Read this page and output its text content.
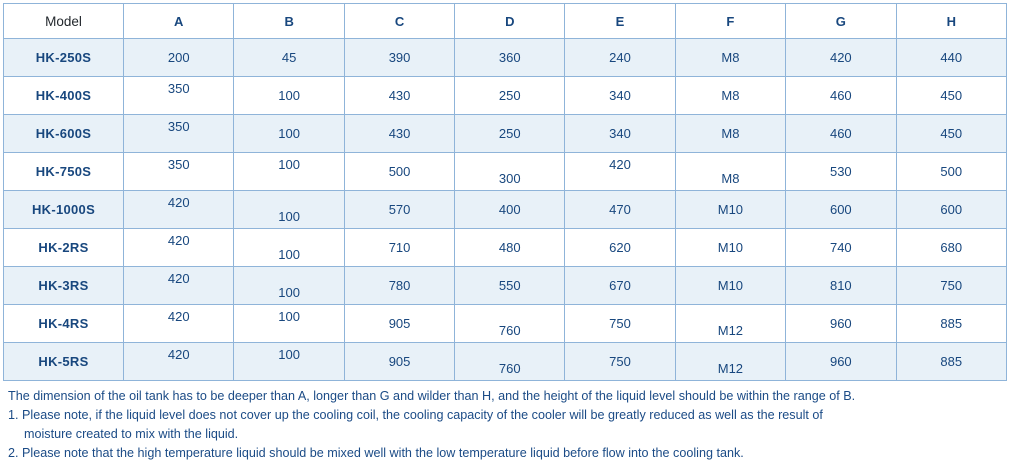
Model	A	B	C	D	E	F	G	H
HK-250S	200	45	390	360	240	M8	420	440
HK-400S	350	100	430	250	340	M8	460	450
HK-600S	350	100	430	250	340	M8	460	450
HK-750S	350	100	500	300	420	M8	530	500
HK-1000S	420	100	570	400	470	M10	600	600
HK-2RS	420	100	710	480	620	M10	740	680
HK-3RS	420	100	780	550	670	M10	810	750
HK-4RS	420	100	905	760	750	M12	960	885
HK-5RS	420	100	905	760	750	M12	960	885

The dimension of the oil tank has to be deeper than A, longer than G and wilder than H, and the height of the liquid level should be within the range of B.

1. Please note, if the liquid level does not cover up the cooling coil, the cooling capacity of the cooler will be greatly reduced as well as the result of

moisture created to mix with the liquid.

2. Please note that the high temperature liquid should be mixed well with the low temperature liquid before flow into the cooling tank.
